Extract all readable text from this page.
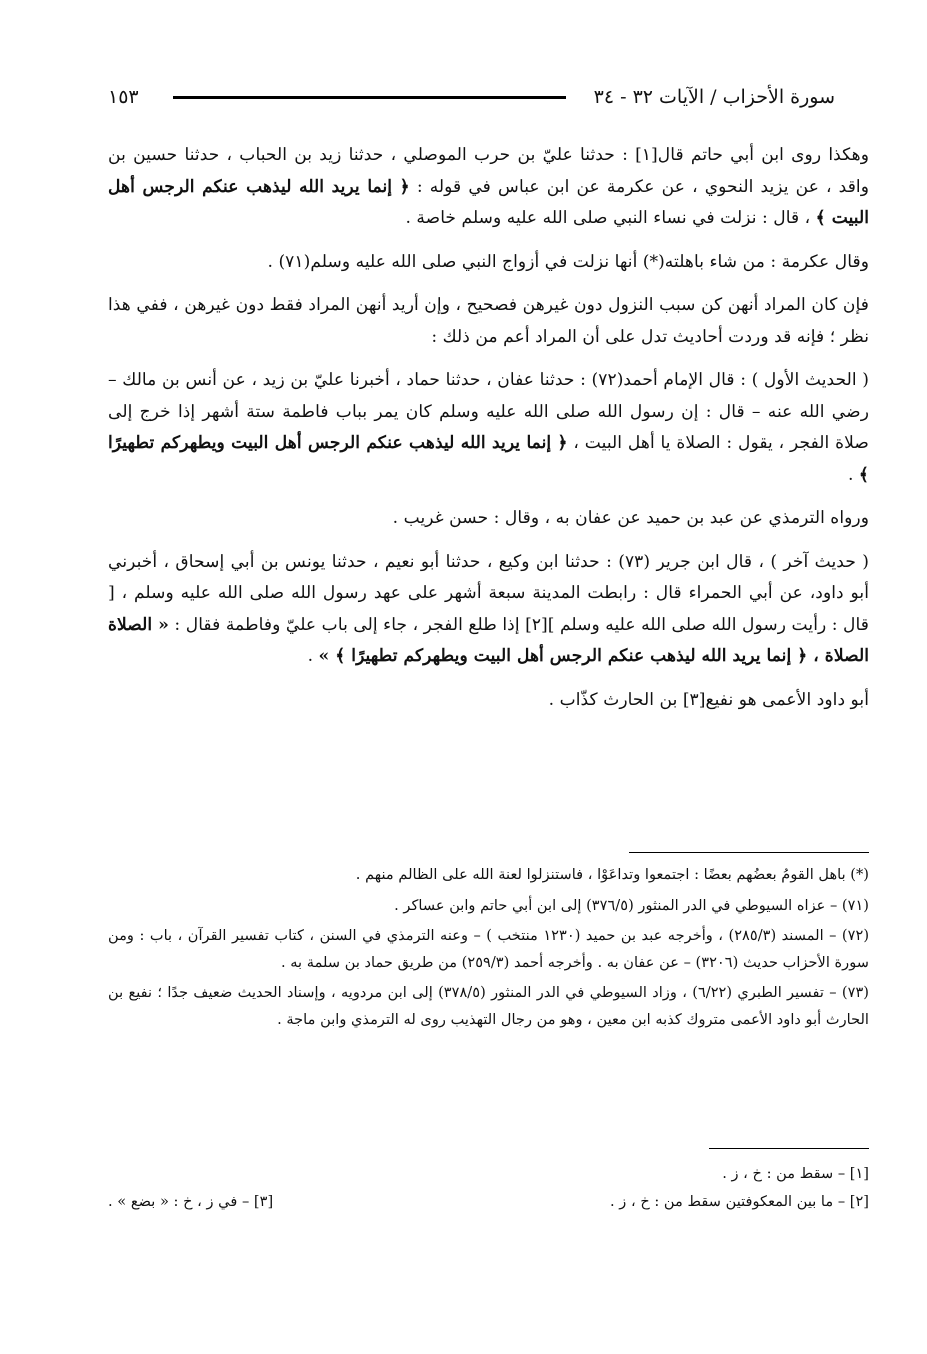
سورة الأحزاب / الآيات ٣٢ - ٣٤
١٥٣

وهكذا روى ابن أبي حاتم قال[١] : حدثنا عليّ بن حرب الموصلي ، حدثنا زيد بن الحباب ، حدثنا حسين بن واقد ، عن يزيد النحوي ، عن عكرمة عن ابن عباس في قوله : ﴿ إنما يريد الله ليذهب عنكم الرجس أهل البيت ﴾ ، قال : نزلت في نساء النبي صلى الله عليه وسلم خاصة .

وقال عكرمة : من شاء باهلته(*) أنها نزلت في أزواج النبي صلى الله عليه وسلم(٧١) .

فإن كان المراد أنهن كن سبب النزول دون غيرهن فصحيح ، وإن أريد أنهن المراد فقط دون غيرهن ، ففي هذا نظر ؛ فإنه قد وردت أحاديث تدل على أن المراد أعم من ذلك :

( الحديث الأول ) : قال الإمام أحمد(٧٢) : حدثنا عفان ، حدثنا حماد ، أخبرنا عليّ بن زيد ، عن أنس بن مالك – رضي الله عنه – قال : إن رسول الله صلى الله عليه وسلم كان يمر بباب فاطمة ستة أشهر إذا خرج إلى صلاة الفجر ، يقول : الصلاة يا أهل البيت ، ﴿ إنما يريد الله ليذهب عنكم الرجس أهل البيت ويطهركم تطهيرًا ﴾ .

ورواه الترمذي عن عبد بن حميد عن عفان به ، وقال : حسن غريب .

( حديث آخر ) ، قال ابن جرير (٧٣) : حدثنا ابن وكيع ، حدثنا أبو نعيم ، حدثنا يونس بن أبي إسحاق ، أخبرني أبو داود، عن أبي الحمراء قال : رابطت المدينة سبعة أشهر على عهد رسول الله صلى الله عليه وسلم ، [ قال : رأيت رسول الله صلى الله عليه وسلم ][٢] إذا طلع الفجر ، جاء إلى باب عليّ وفاطمة فقال : « الصلاة الصلاة ، ﴿ إنما يريد الله ليذهب عنكم الرجس أهل البيت ويطهركم تطهيرًا ﴾ » .

أبو داود الأعمى هو نفيع[٣] بن الحارث كذّاب .

(*) باهل القومُ بعضُهم بعضًا : اجتمعوا وتداعَوْا ، فاستنزلوا لعنة الله على الظالم منهم .

(٧١) – عزاه السيوطي في الدر المنثور (٣٧٦/٥) إلى ابن أبي حاتم وابن عساكر .

(٧٢) – المسند (٢٨٥/٣) ، وأخرجه عبد بن حميد (١٢٣٠ منتخب ) – وعنه الترمذي في السنن ، كتاب تفسير القرآن ، باب : ومن سورة الأحزاب حديث (٣٢٠٦) – عن عفان به . وأخرجه أحمد (٢٥٩/٣) من طريق حماد بن سلمة به .

(٧٣) – تفسير الطبري (٦/٢٢) ، وزاد السيوطي في الدر المنثور (٣٧٨/٥) إلى ابن مردويه ، وإسناد الحديث ضعيف جدًا ؛ نفيع بن الحارث أبو داود الأعمى متروك كذبه ابن معين ، وهو من رجال التهذيب روى له الترمذي وابن ماجة .

[١] – سقط من : خ ، ز .

[٢] – ما بين المعكوفتين سقط من : خ ، ز .

[٣] – في ز ، خ : « بضع » .
